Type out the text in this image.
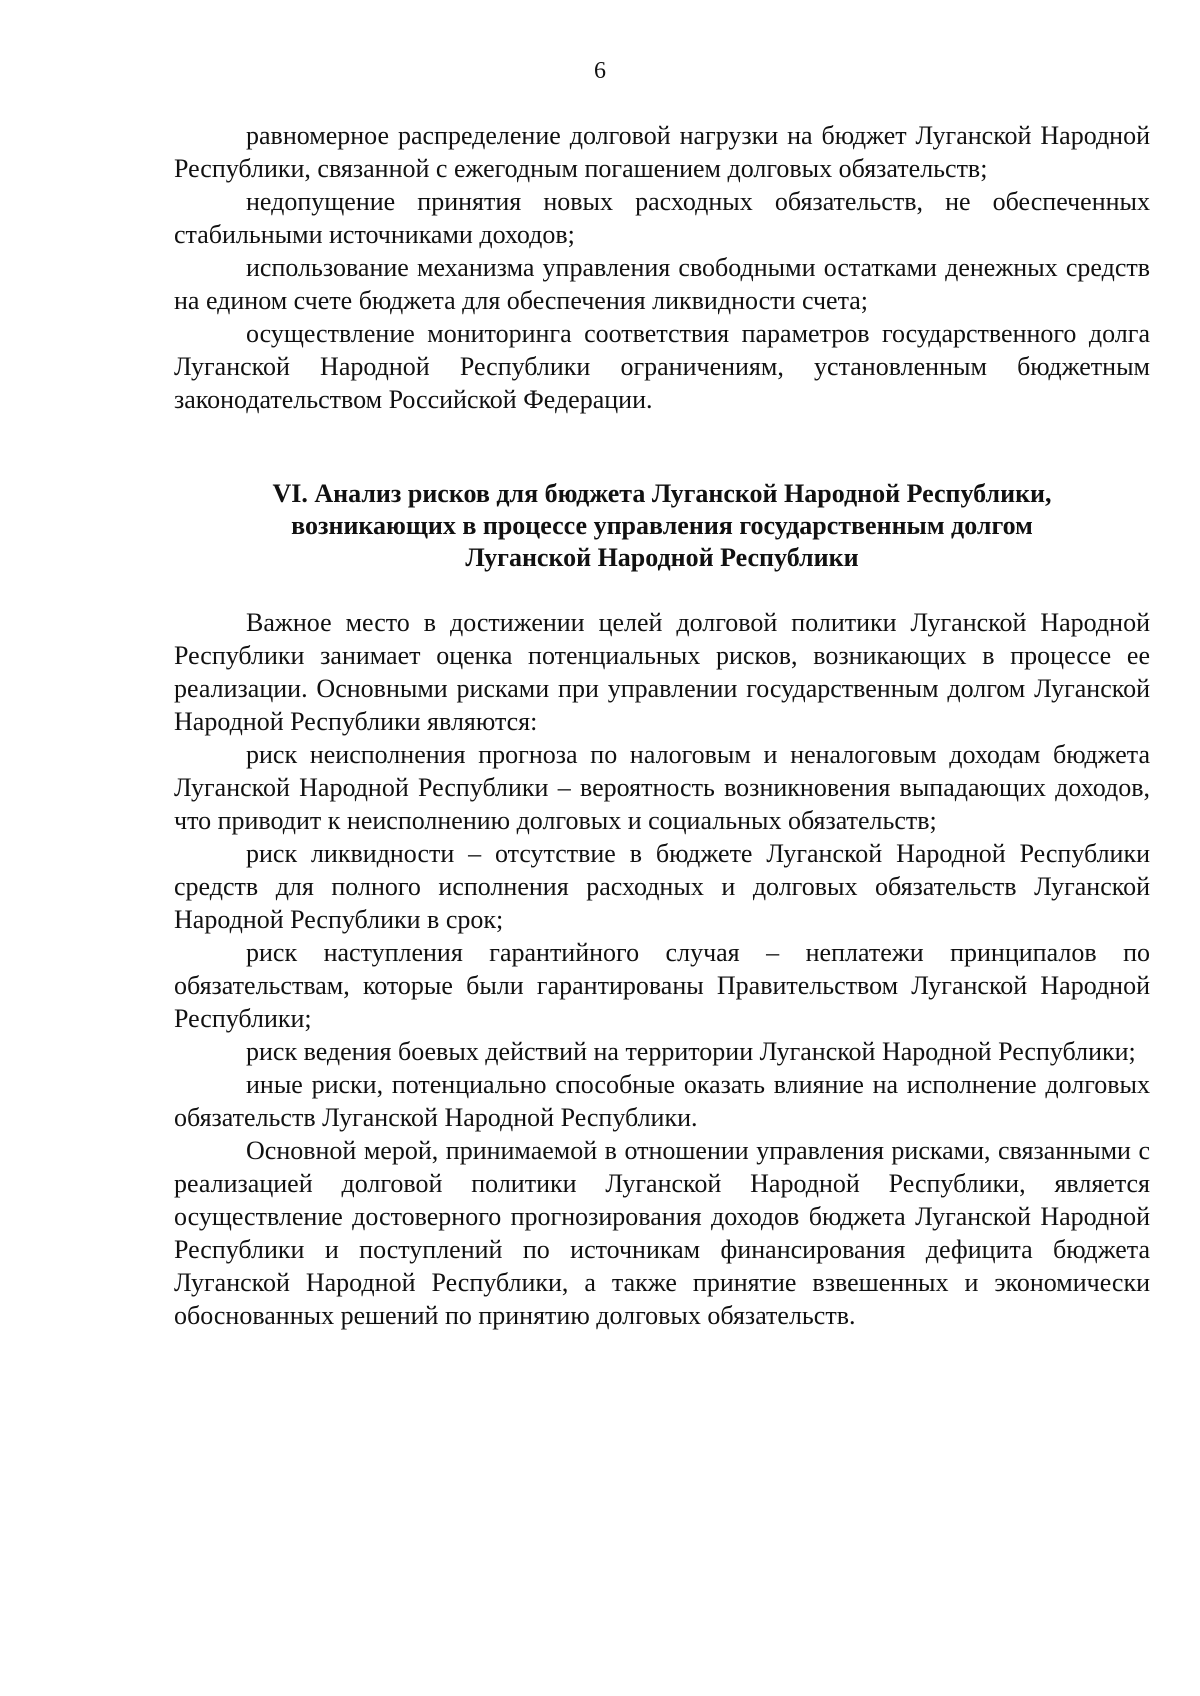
6

равномерное распределение долговой нагрузки на бюджет Луганской Народной Республики, связанной с ежегодным погашением долговых обязательств;

недопущение принятия новых расходных обязательств, не обеспеченных стабильными источниками доходов;

использование механизма управления свободными остатками денежных средств на едином счете бюджета для обеспечения ликвидности счета;

осуществление мониторинга соответствия параметров государственного долга Луганской Народной Республики ограничениям, установленным бюджетным законодательством Российской Федерации.

VI. Анализ рисков для бюджета Луганской Народной Республики,
возникающих в процессе управления государственным долгом
Луганской Народной Республики

Важное место в достижении целей долговой политики Луганской Народной Республики занимает оценка потенциальных рисков, возникающих в процессе ее реализации. Основными рисками при управлении государственным долгом Луганской Народной Республики являются:

риск неисполнения прогноза по налоговым и неналоговым доходам бюджета Луганской Народной Республики – вероятность возникновения выпадающих доходов, что приводит к неисполнению долговых и социальных обязательств;

риск ликвидности – отсутствие в бюджете Луганской Народной Республики средств для полного исполнения расходных и долговых обязательств Луганской Народной Республики в срок;

риск наступления гарантийного случая – неплатежи принципалов по обязательствам, которые были гарантированы Правительством Луганской Народной Республики;

риск ведения боевых действий на территории Луганской Народной Республики;

иные риски, потенциально способные оказать влияние на исполнение долговых обязательств Луганской Народной Республики.

Основной мерой, принимаемой в отношении управления рисками, связанными с реализацией долговой политики Луганской Народной Республики, является осуществление достоверного прогнозирования доходов бюджета Луганской Народной Республики и поступлений по источникам финансирования дефицита бюджета Луганской Народной Республики, а также принятие взвешенных и экономически обоснованных решений по принятию долговых обязательств.
